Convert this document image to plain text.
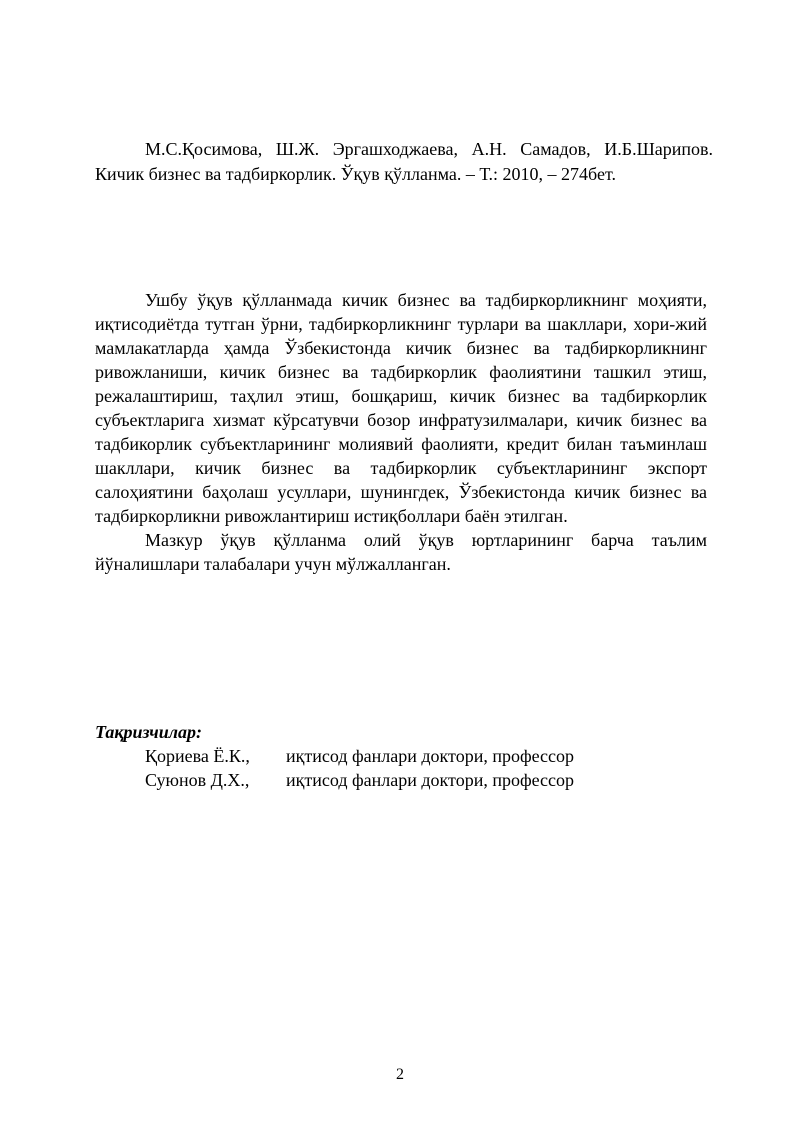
М.С.Қосимова, Ш.Ж. Эргашходжаева, А.Н. Самадов, И.Б.Шарипов. Кичик бизнес ва тадбиркорлик. Ўқув қўлланма. – Т.: 2010, – 274бет.

Ушбу ўқув қўлланмада кичик бизнес ва тадбиркорликнинг моҳияти, иқтисодиётда тутган ўрни, тадбиркорликнинг турлари ва шакллари, хори-жий мамлакатларда ҳамда Ўзбекистонда кичик бизнес ва тадбиркорликнинг ривожланиши, кичик бизнес ва тадбиркорлик фаолиятини ташкил этиш, режалаштириш, таҳлил этиш, бошқариш, кичик бизнес ва тадбиркорлик субъектларига хизмат кўрсатувчи бозор инфратузилмалари, кичик бизнес ва тадбикорлик субъектларининг молиявий фаолияти, кредит билан таъминлаш шакллари, кичик бизнес ва тадбиркорлик субъектларининг экспорт салоҳиятини баҳолаш усуллари, шунингдек, Ўзбекистонда кичик бизнес ва тадбиркорликни ривожлантириш истиқболлари баён этилган.

Мазкур ўқув қўлланма олий ўқув юртларининг барча таълим йўналишлари талабалари учун мўлжалланган.

Тақризчилар:

Қориева Ё.К.,	иқтисод фанлари доктори, профессор
Суюнов Д.Х.,	иқтисод фанлари доктори, профессор
2
